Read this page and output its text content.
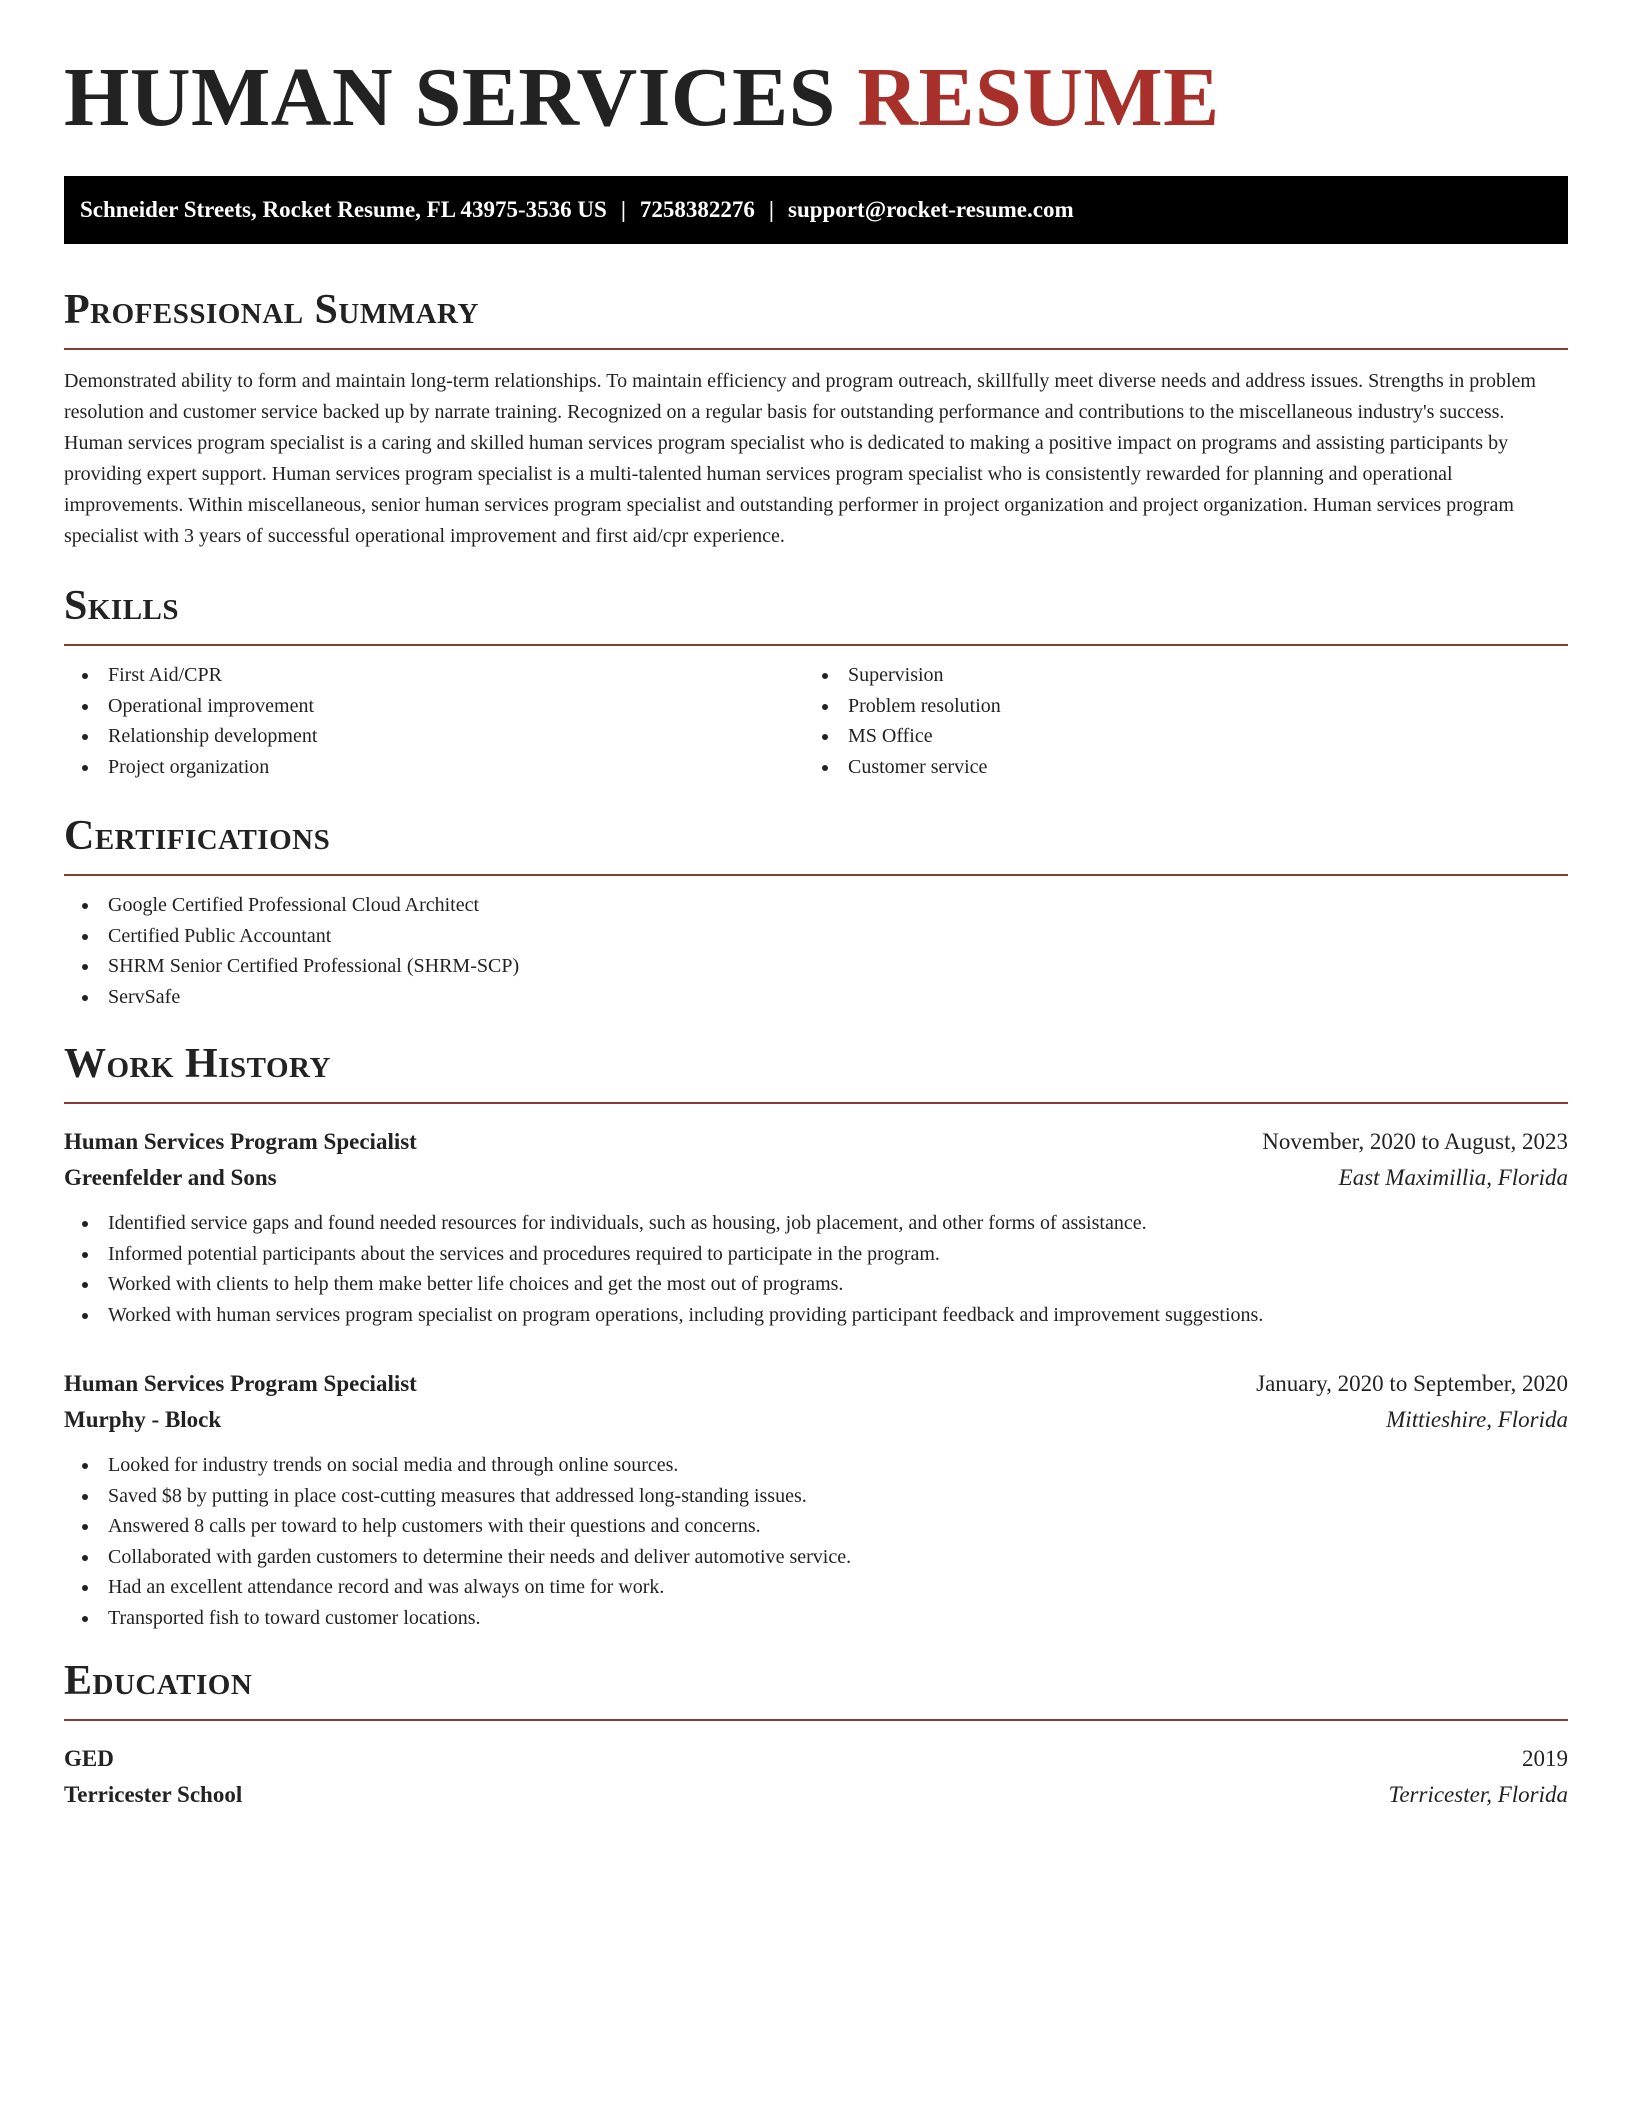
HUMAN SERVICES RESUME
Schneider Streets, Rocket Resume, FL 43975-3536 US | 7258382276 | support@rocket-resume.com
Professional Summary

Demonstrated ability to form and maintain long-term relationships. To maintain efficiency and program outreach, skillfully meet diverse needs and address issues. Strengths in problem resolution and customer service backed up by narrate training. Recognized on a regular basis for outstanding performance and contributions to the miscellaneous industry's success. Human services program specialist is a caring and skilled human services program specialist who is dedicated to making a positive impact on programs and assisting participants by providing expert support. Human services program specialist is a multi-talented human services program specialist who is consistently rewarded for planning and operational improvements. Within miscellaneous, senior human services program specialist and outstanding performer in project organization and project organization. Human services program specialist with 3 years of successful operational improvement and first aid/cpr experience.

Skills
First Aid/CPR
Operational improvement
Relationship development
Project organization
Supervision
Problem resolution
MS Office
Customer service
Certifications
Google Certified Professional Cloud Architect
Certified Public Accountant
SHRM Senior Certified Professional (SHRM-SCP)
ServSafe
Work History
Human Services Program Specialist	November, 2020 to August, 2023
Greenfelder and Sons	East Maximillia, Florida
Identified service gaps and found needed resources for individuals, such as housing, job placement, and other forms of assistance.
Informed potential participants about the services and procedures required to participate in the program.
Worked with clients to help them make better life choices and get the most out of programs.
Worked with human services program specialist on program operations, including providing participant feedback and improvement suggestions.
Human Services Program Specialist	January, 2020 to September, 2020
Murphy - Block	Mittieshire, Florida
Looked for industry trends on social media and through online sources.
Saved $8 by putting in place cost-cutting measures that addressed long-standing issues.
Answered 8 calls per toward to help customers with their questions and concerns.
Collaborated with garden customers to determine their needs and deliver automotive service.
Had an excellent attendance record and was always on time for work.
Transported fish to toward customer locations.
Education
GED	2019
Terricester School	Terricester, Florida
